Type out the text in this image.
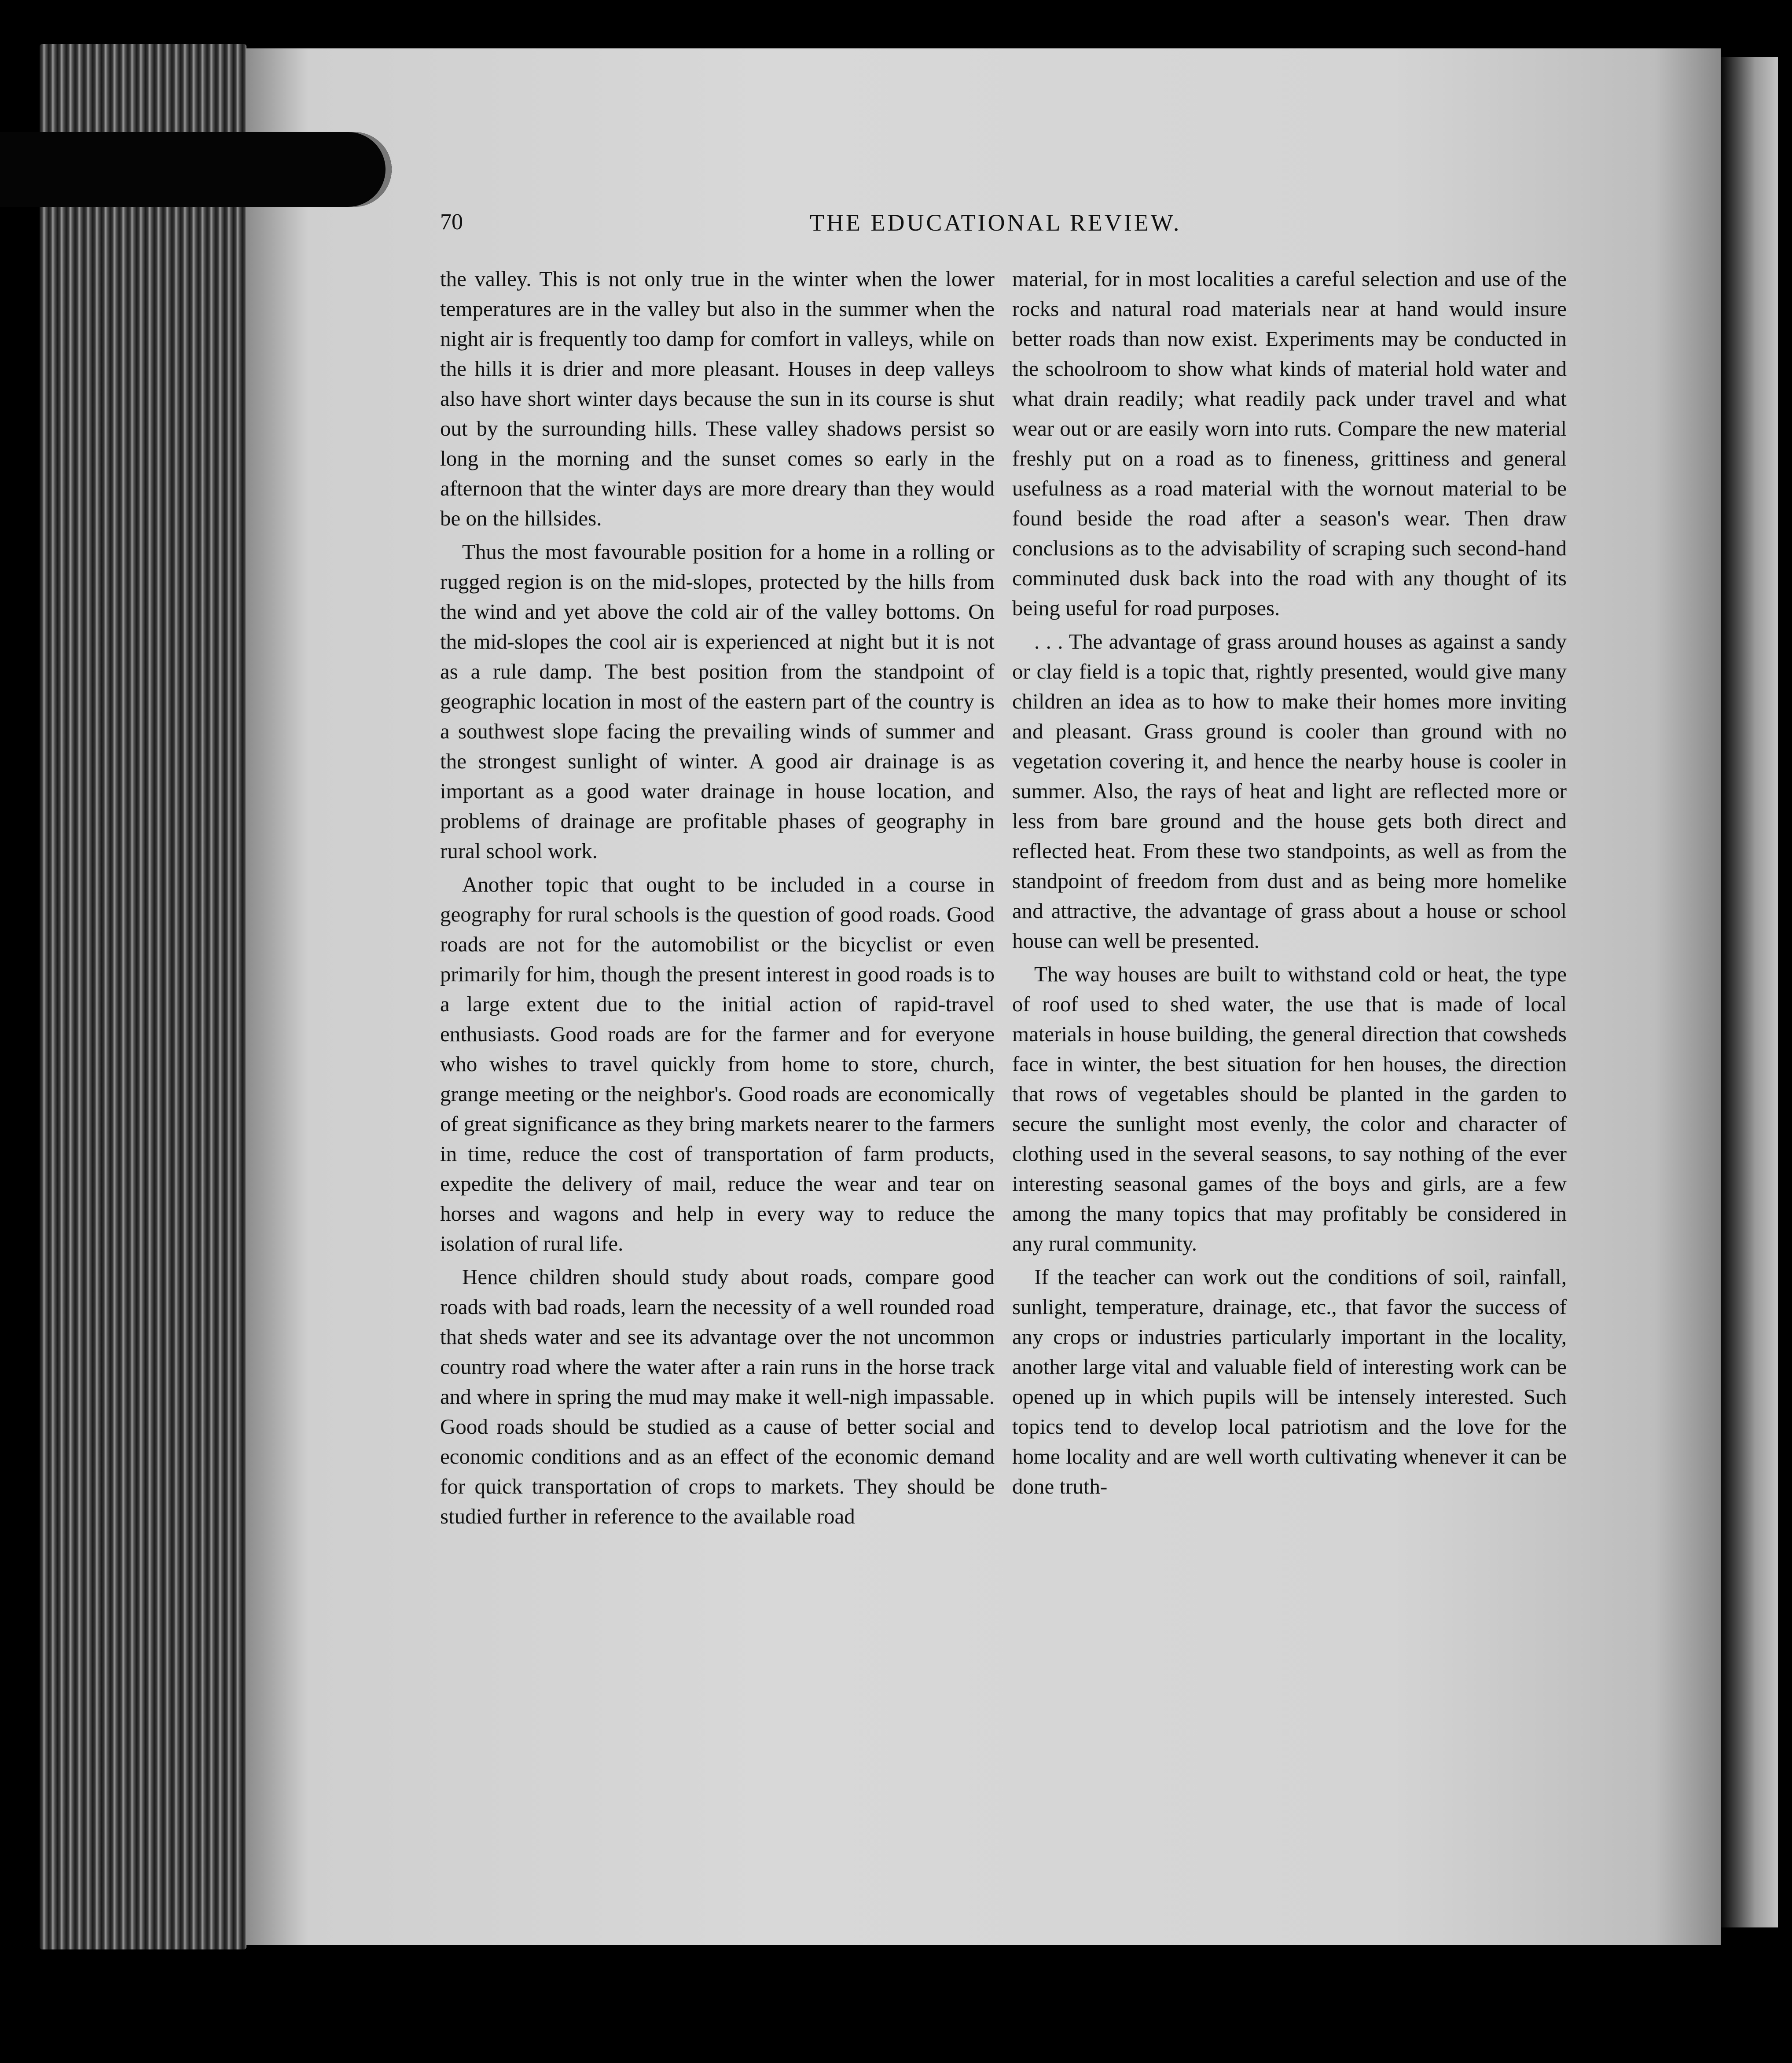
70	THE EDUCATIONAL REVIEW.

the valley. This is not only true in the winter when the lower temperatures are in the valley but also in the summer when the night air is frequently too damp for comfort in valleys, while on the hills it is drier and more pleasant. Houses in deep valleys also have short winter days because the sun in its course is shut out by the surrounding hills. These valley shadows persist so long in the morning and the sunset comes so early in the afternoon that the winter days are more dreary than they would be on the hillsides.

Thus the most favourable position for a home in a rolling or rugged region is on the mid-slopes, protected by the hills from the wind and yet above the cold air of the valley bottoms. On the mid-slopes the cool air is experienced at night but it is not as a rule damp. The best position from the standpoint of geographic location in most of the eastern part of the country is a southwest slope facing the prevailing winds of summer and the strongest sunlight of winter. A good air drainage is as important as a good water drainage in house location, and problems of drainage are profitable phases of geography in rural school work.

Another topic that ought to be included in a course in geography for rural schools is the question of good roads. Good roads are not for the automobilist or the bicyclist or even primarily for him, though the present interest in good roads is to a large extent due to the initial action of rapid-travel enthusiasts. Good roads are for the farmer and for everyone who wishes to travel quickly from home to store, church, grange meeting or the neighbor's. Good roads are economically of great significance as they bring markets nearer to the farmers in time, reduce the cost of transportation of farm products, expedite the delivery of mail, reduce the wear and tear on horses and wagons and help in every way to reduce the isolation of rural life.

Hence children should study about roads, compare good roads with bad roads, learn the necessity of a well rounded road that sheds water and see its advantage over the not uncommon country road where the water after a rain runs in the horse track and where in spring the mud may make it well-nigh impassable. Good roads should be studied as a cause of better social and economic conditions and as an effect of the economic demand for quick transportation of crops to markets. They should be studied further in reference to the available road

material, for in most localities a careful selection and use of the rocks and natural road materials near at hand would insure better roads than now exist. Experiments may be conducted in the schoolroom to show what kinds of material hold water and what drain readily; what readily pack under travel and what wear out or are easily worn into ruts. Compare the new material freshly put on a road as to fineness, grittiness and general usefulness as a road material with the wornout material to be found beside the road after a season's wear. Then draw conclusions as to the advisability of scraping such second-hand comminuted dusk back into the road with any thought of its being useful for road purposes.

. . . The advantage of grass around houses as against a sandy or clay field is a topic that, rightly presented, would give many children an idea as to how to make their homes more inviting and pleasant. Grass ground is cooler than ground with no vegetation covering it, and hence the nearby house is cooler in summer. Also, the rays of heat and light are reflected more or less from bare ground and the house gets both direct and reflected heat. From these two standpoints, as well as from the standpoint of freedom from dust and as being more homelike and attractive, the advantage of grass about a house or school house can well be presented.

The way houses are built to withstand cold or heat, the type of roof used to shed water, the use that is made of local materials in house building, the general direction that cowsheds face in winter, the best situation for hen houses, the direction that rows of vegetables should be planted in the garden to secure the sunlight most evenly, the color and character of clothing used in the several seasons, to say nothing of the ever interesting seasonal games of the boys and girls, are a few among the many topics that may profitably be considered in any rural community.

If the teacher can work out the conditions of soil, rainfall, sunlight, temperature, drainage, etc., that favor the success of any crops or industries particularly important in the locality, another large vital and valuable field of interesting work can be opened up in which pupils will be intensely interested. Such topics tend to develop local patriotism and the love for the home locality and are well worth cultivating whenever it can be done truth-
